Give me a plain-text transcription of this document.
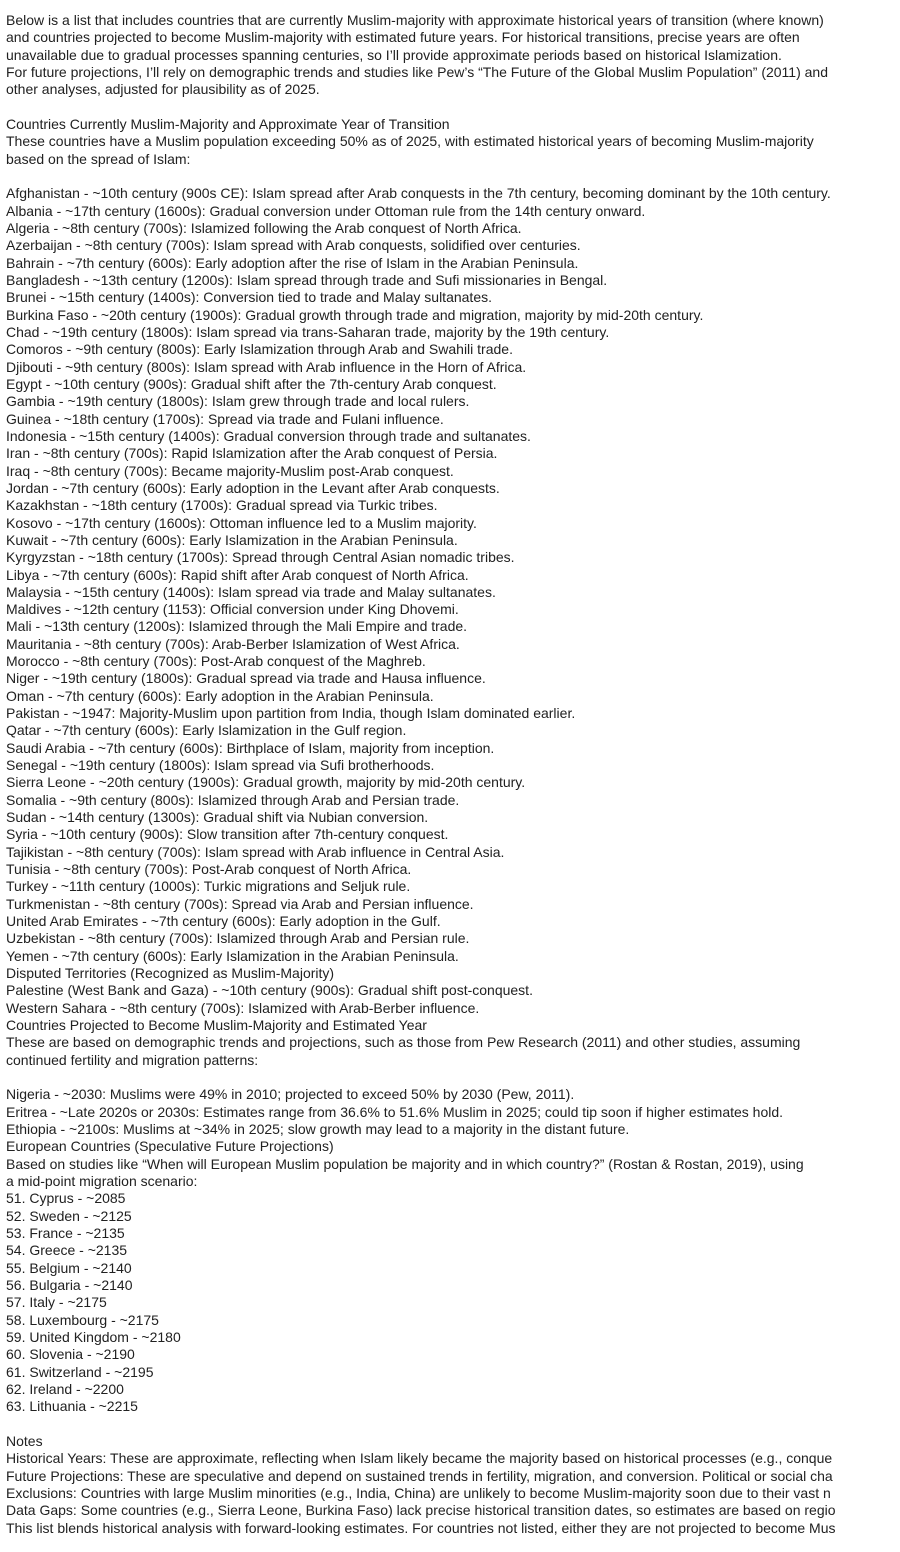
Below is a list that includes countries that are currently Muslim-majority with approximate historical years of transition (where known)
and countries projected to become Muslim-majority with estimated future years. For historical transitions, precise years are often
unavailable due to gradual processes spanning centuries, so I’ll provide approximate periods based on historical Islamization.
For future projections, I’ll rely on demographic trends and studies like Pew’s “The Future of the Global Muslim Population” (2011) and
other analyses, adjusted for plausibility as of 2025.
Countries Currently Muslim-Majority and Approximate Year of Transition
These countries have a Muslim population exceeding 50% as of 2025, with estimated historical years of becoming Muslim-majority
based on the spread of Islam:
Afghanistan - ~10th century (900s CE): Islam spread after Arab conquests in the 7th century, becoming dominant by the 10th century.
Albania - ~17th century (1600s): Gradual conversion under Ottoman rule from the 14th century onward.
Algeria - ~8th century (700s): Islamized following the Arab conquest of North Africa.
Azerbaijan - ~8th century (700s): Islam spread with Arab conquests, solidified over centuries.
Bahrain - ~7th century (600s): Early adoption after the rise of Islam in the Arabian Peninsula.
Bangladesh - ~13th century (1200s): Islam spread through trade and Sufi missionaries in Bengal.
Brunei - ~15th century (1400s): Conversion tied to trade and Malay sultanates.
Burkina Faso - ~20th century (1900s): Gradual growth through trade and migration, majority by mid-20th century.
Chad - ~19th century (1800s): Islam spread via trans-Saharan trade, majority by the 19th century.
Comoros - ~9th century (800s): Early Islamization through Arab and Swahili trade.
Djibouti - ~9th century (800s): Islam spread with Arab influence in the Horn of Africa.
Egypt - ~10th century (900s): Gradual shift after the 7th-century Arab conquest.
Gambia - ~19th century (1800s): Islam grew through trade and local rulers.
Guinea - ~18th century (1700s): Spread via trade and Fulani influence.
Indonesia - ~15th century (1400s): Gradual conversion through trade and sultanates.
Iran - ~8th century (700s): Rapid Islamization after the Arab conquest of Persia.
Iraq - ~8th century (700s): Became majority-Muslim post-Arab conquest.
Jordan - ~7th century (600s): Early adoption in the Levant after Arab conquests.
Kazakhstan - ~18th century (1700s): Gradual spread via Turkic tribes.
Kosovo - ~17th century (1600s): Ottoman influence led to a Muslim majority.
Kuwait - ~7th century (600s): Early Islamization in the Arabian Peninsula.
Kyrgyzstan - ~18th century (1700s): Spread through Central Asian nomadic tribes.
Libya - ~7th century (600s): Rapid shift after Arab conquest of North Africa.
Malaysia - ~15th century (1400s): Islam spread via trade and Malay sultanates.
Maldives - ~12th century (1153): Official conversion under King Dhovemi.
Mali - ~13th century (1200s): Islamized through the Mali Empire and trade.
Mauritania - ~8th century (700s): Arab-Berber Islamization of West Africa.
Morocco - ~8th century (700s): Post-Arab conquest of the Maghreb.
Niger - ~19th century (1800s): Gradual spread via trade and Hausa influence.
Oman - ~7th century (600s): Early adoption in the Arabian Peninsula.
Pakistan - ~1947: Majority-Muslim upon partition from India, though Islam dominated earlier.
Qatar - ~7th century (600s): Early Islamization in the Gulf region.
Saudi Arabia - ~7th century (600s): Birthplace of Islam, majority from inception.
Senegal - ~19th century (1800s): Islam spread via Sufi brotherhoods.
Sierra Leone - ~20th century (1900s): Gradual growth, majority by mid-20th century.
Somalia - ~9th century (800s): Islamized through Arab and Persian trade.
Sudan - ~14th century (1300s): Gradual shift via Nubian conversion.
Syria - ~10th century (900s): Slow transition after 7th-century conquest.
Tajikistan - ~8th century (700s): Islam spread with Arab influence in Central Asia.
Tunisia - ~8th century (700s): Post-Arab conquest of North Africa.
Turkey - ~11th century (1000s): Turkic migrations and Seljuk rule.
Turkmenistan - ~8th century (700s): Spread via Arab and Persian influence.
United Arab Emirates - ~7th century (600s): Early adoption in the Gulf.
Uzbekistan - ~8th century (700s): Islamized through Arab and Persian rule.
Yemen - ~7th century (600s): Early Islamization in the Arabian Peninsula.
Disputed Territories (Recognized as Muslim-Majority)
Palestine (West Bank and Gaza) - ~10th century (900s): Gradual shift post-conquest.
Western Sahara - ~8th century (700s): Islamized with Arab-Berber influence.
Countries Projected to Become Muslim-Majority and Estimated Year
These are based on demographic trends and projections, such as those from Pew Research (2011) and other studies, assuming
continued fertility and migration patterns:
Nigeria - ~2030: Muslims were 49% in 2010; projected to exceed 50% by 2030 (Pew, 2011).
Eritrea - ~Late 2020s or 2030s: Estimates range from 36.6% to 51.6% Muslim in 2025; could tip soon if higher estimates hold.
Ethiopia - ~2100s: Muslims at ~34% in 2025; slow growth may lead to a majority in the distant future.
European Countries (Speculative Future Projections)
Based on studies like “When will European Muslim population be majority and in which country?” (Rostan & Rostan, 2019), using
a mid-point migration scenario:
51. Cyprus - ~2085
52. Sweden - ~2125
53. France - ~2135
54. Greece - ~2135
55. Belgium - ~2140
56. Bulgaria - ~2140
57. Italy - ~2175
58. Luxembourg - ~2175
59. United Kingdom - ~2180
60. Slovenia - ~2190
61. Switzerland - ~2195
62. Ireland - ~2200
63. Lithuania - ~2215
Notes
Historical Years: These are approximate, reflecting when Islam likely became the majority based on historical processes (e.g., conque
Future Projections: These are speculative and depend on sustained trends in fertility, migration, and conversion. Political or social cha
Exclusions: Countries with large Muslim minorities (e.g., India, China) are unlikely to become Muslim-majority soon due to their vast n
Data Gaps: Some countries (e.g., Sierra Leone, Burkina Faso) lack precise historical transition dates, so estimates are based on regio
This list blends historical analysis with forward-looking estimates. For countries not listed, either they are not projected to become Mus
